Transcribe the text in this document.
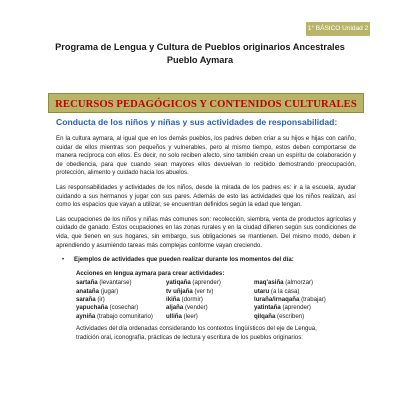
1° BÁSICO Unidad 2
Programa de Lengua y Cultura de Pueblos originarios Ancestrales
Pueblo Aymara
RECURSOS PEDAGÓGICOS Y CONTENIDOS CULTURALES
Conducta de los niños y niñas y sus actividades de responsabilidad:

En la cultura aymara, al igual que en los demás pueblos, los padres deben criar a su hijos e hijas con cariño, cuidar de ellos mientras son pequeños y vulnerables, pero al mismo tiempo, estos deben comportarse de manera recíproca con ellos. Es decir, no solo reciben afecto, sino también crean un espíritu de colaboración y de obediencia, para que cuando sean mayores ellos devuelvan lo recibido demostrando preocupación, protección, alimento y cuidado hacia los abuelos.

Las responsabilidades y actividades de los niños, desde la mirada de los padres es: ir a la escuela, ayudar cuidando a sus hermanos y jugar con sus pares. Además de esto las actividades que los niños realizan, así como los espacios que vayan a utilizar, se encuentran definidos según la edad que tengan.

Las ocupaciones de los niños y niñas más comunes son: recolección, siembra, venta de productos agrícolas y cuidado de ganado. Estos ocupaciones en las zonas rurales y en la ciudad difieren según sus condiciones de vida, que tienen en sus hogares, sin embargo, sus obligaciones se mantienen. Del mismo modo, deben ir aprendiendo y asumiendo tareas más complejas conforme vayan creciendo.

•	Ejemplos de actividades que pueden realizar durante los momentos del día:
Acciones en lengua aymara para crear actividades:
sartaña (levantarse)	yatiqaña (aprender)	maq'asiña (almorzar)
anataña (jugar)	tv uñjaña (ver tv)	utaru (a la casa)
saraña (ir)	ikiña (dormir)	luraña/irnaqaña (trabajar)
yapuchaña (cosechar)	aljaña (vender)	yatintaña (aprender)
ayniña (trabajo comunitario)	ulliña (leer)	qilqaña (escriben)
Actividades del día ordenadas considerando los contextos lingüísticos del eje de Lengua, tradición oral, iconografía, prácticas de lectura y escritura de los pueblos originarios:
